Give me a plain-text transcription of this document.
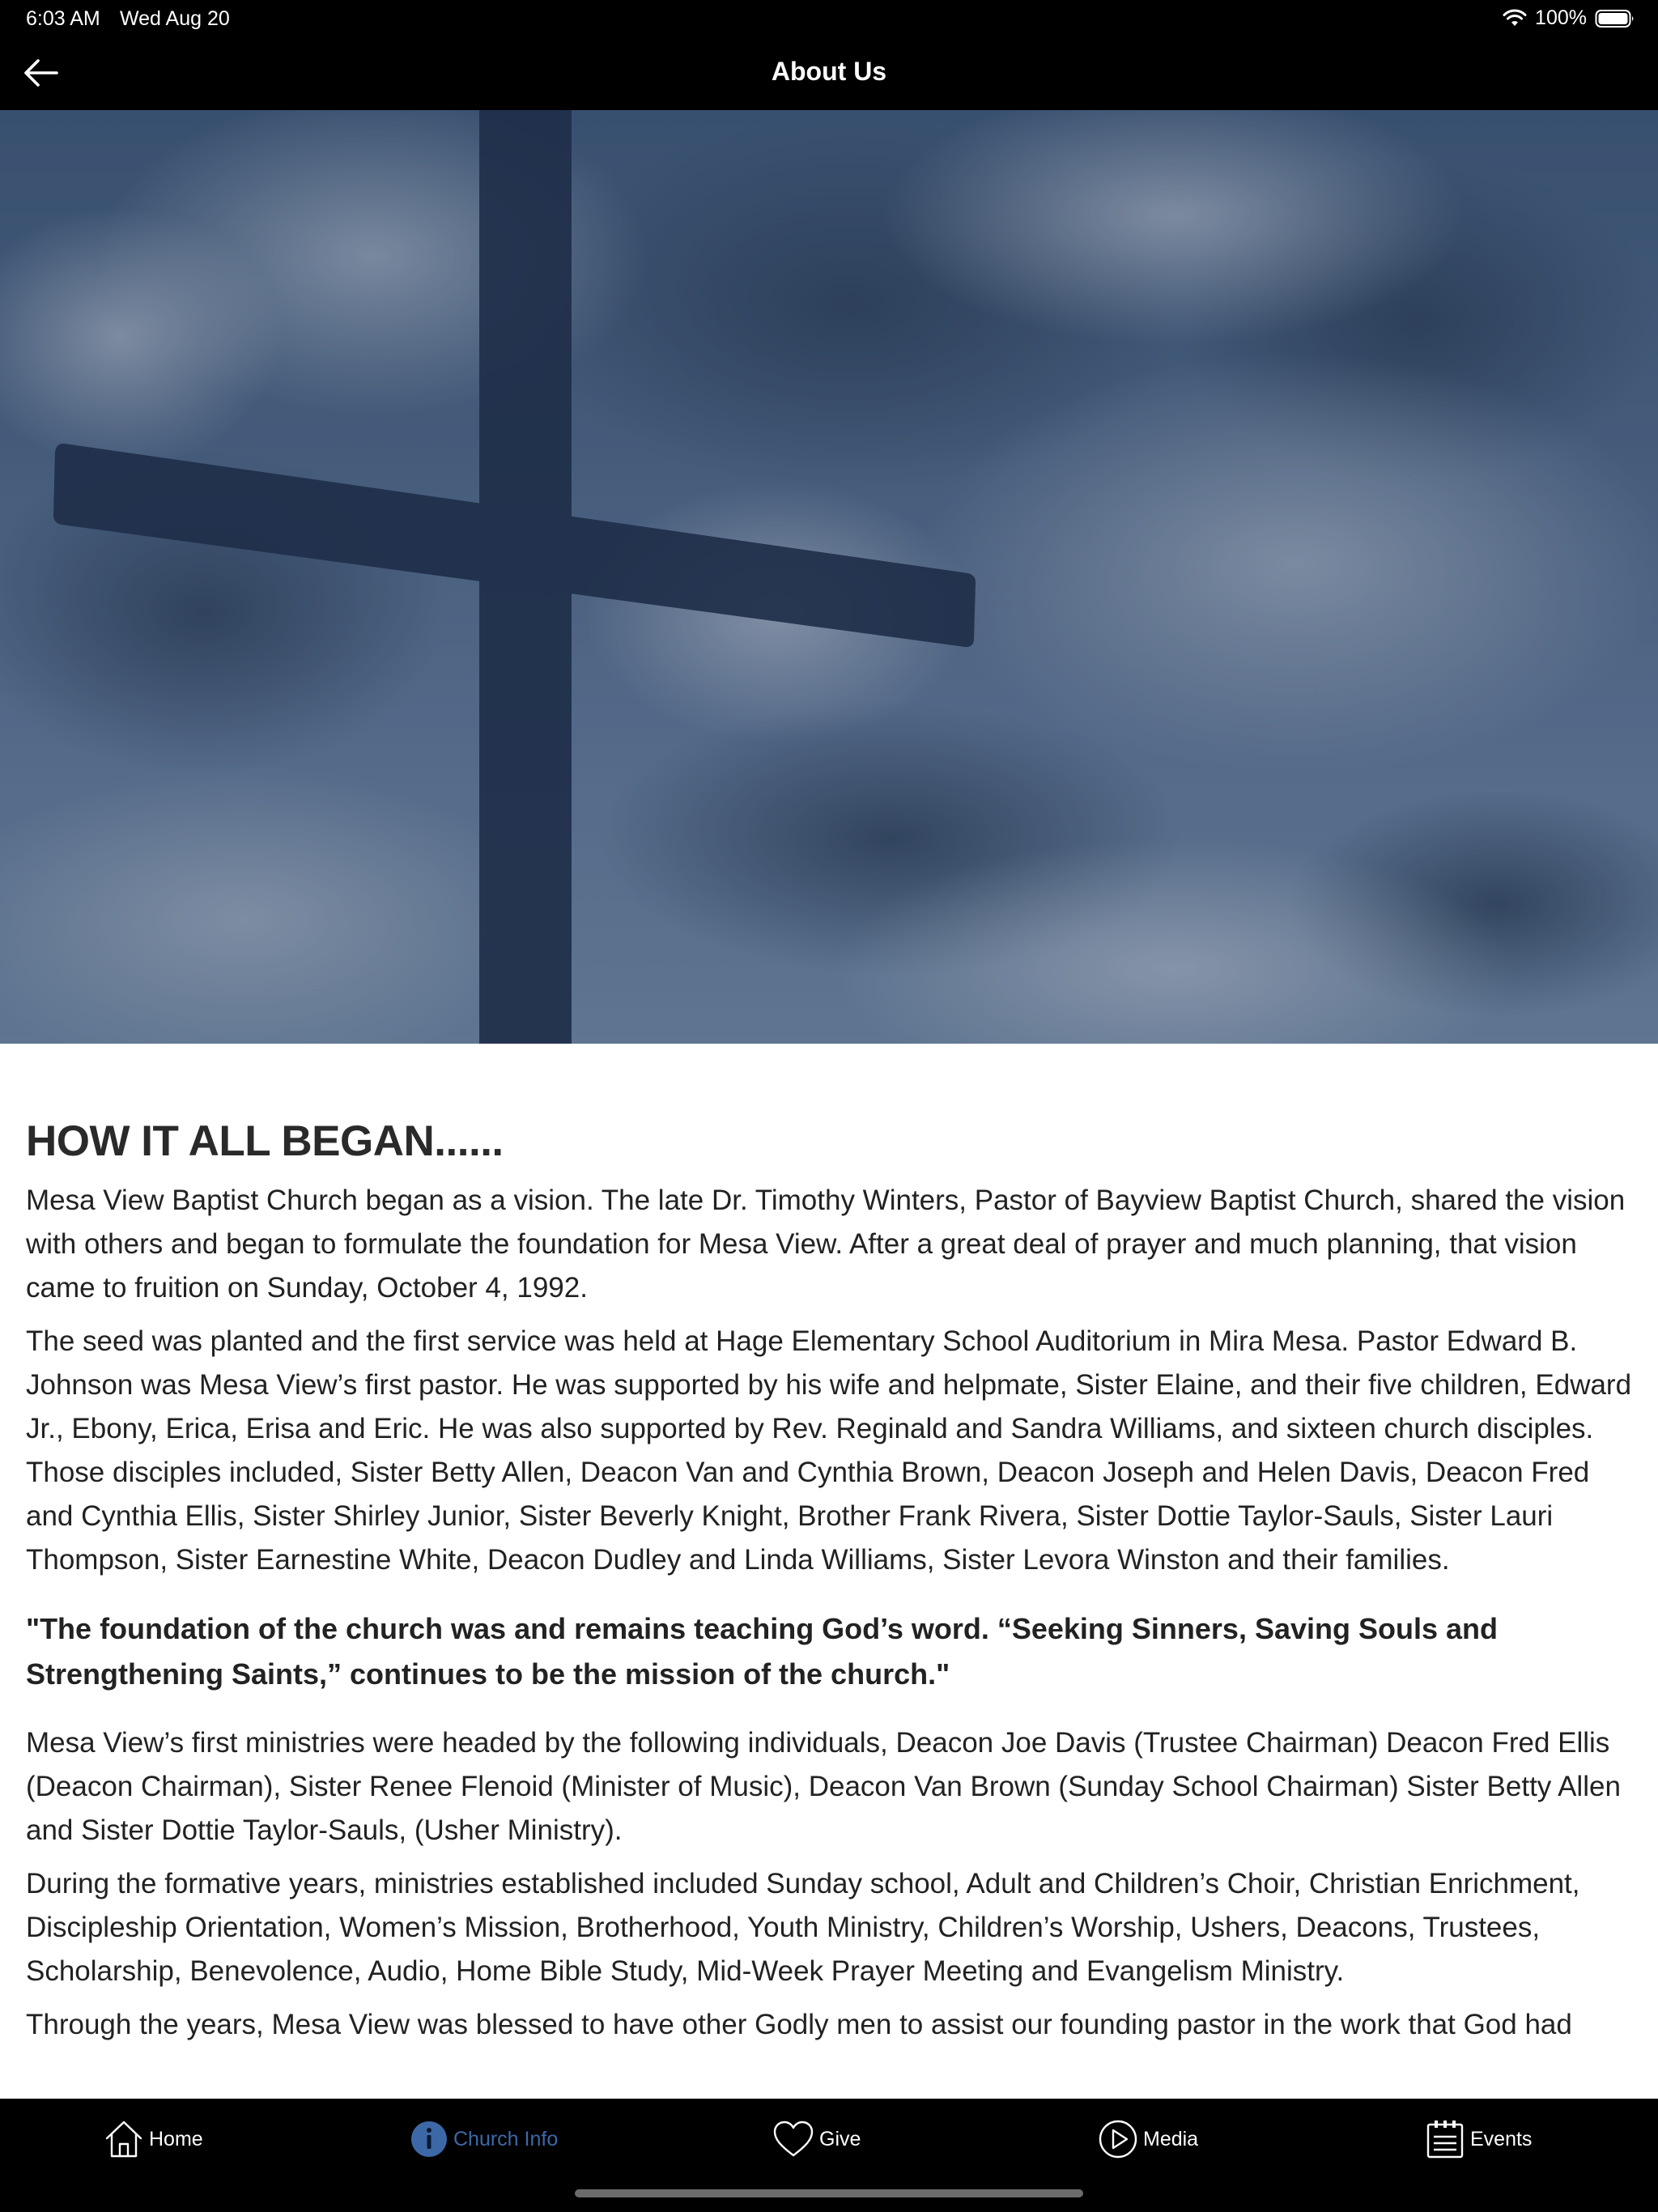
6:03 AM Wed Aug 20	100%
About Us
HOW IT ALL BEGAN......

Mesa View Baptist Church began as a vision. The late Dr. Timothy Winters, Pastor of Bayview Baptist Church, shared the vision with others and began to formulate the foundation for Mesa View. After a great deal of prayer and much planning, that vision came to fruition on Sunday, October 4, 1992.

The seed was planted and the first service was held at Hage Elementary School Auditorium in Mira Mesa. Pastor Edward B. Johnson was Mesa View’s first pastor. He was supported by his wife and helpmate, Sister Elaine, and their five children, Edward Jr., Ebony, Erica, Erisa and Eric. He was also supported by Rev. Reginald and Sandra Williams, and sixteen church disciples. Those disciples included, Sister Betty Allen, Deacon Van and Cynthia Brown, Deacon Joseph and Helen Davis, Deacon Fred and Cynthia Ellis, Sister Shirley Junior, Sister Beverly Knight, Brother Frank Rivera, Sister Dottie Taylor-Sauls, Sister Lauri Thompson, Sister Earnestine White, Deacon Dudley and Linda Williams, Sister Levora Winston and their families.

"The foundation of the church was and remains teaching God’s word. “Seeking Sinners, Saving Souls and Strengthening Saints,” continues to be the mission of the church."

Mesa View’s first ministries were headed by the following individuals, Deacon Joe Davis (Trustee Chairman) Deacon Fred Ellis (Deacon Chairman), Sister Renee Flenoid (Minister of Music), Deacon Van Brown (Sunday School Chairman) Sister Betty Allen and Sister Dottie Taylor-Sauls, (Usher Ministry).

During the formative years, ministries established included Sunday school, Adult and Children’s Choir, Christian Enrichment, Discipleship Orientation, Women’s Mission, Brotherhood, Youth Ministry, Children’s Worship, Ushers, Deacons, Trustees, Scholarship, Benevolence, Audio, Home Bible Study, Mid-Week Prayer Meeting and Evangelism Ministry.

Through the years, Mesa View was blessed to have other Godly men to assist our founding pastor in the work that God had

Home	Church Info	Give	Media	Events
